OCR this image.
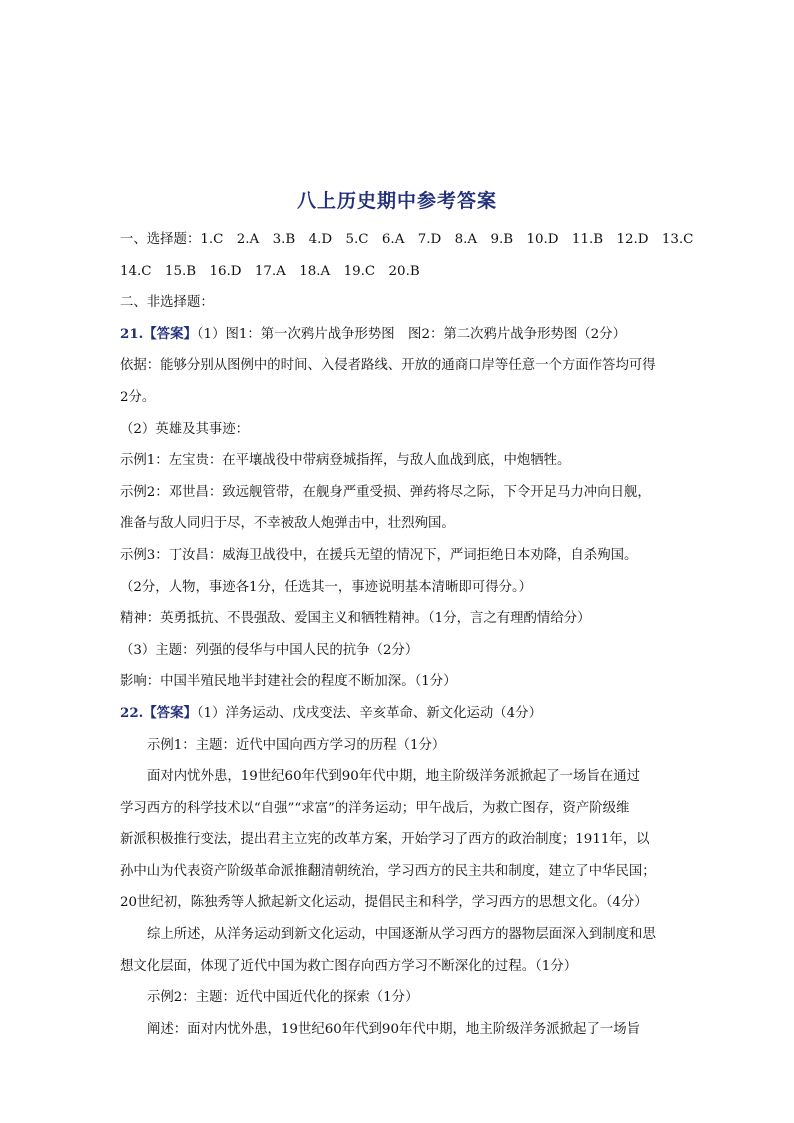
八上历史期中参考答案
一、选择题：1.C　2.A　3.B　4.D　5.C　6.A　7.D　8.A　9.B　10.D　11.B　12.D　13.C
14.C　15.B　16.D　17.A　18.A　19.C　20.B
二、非选择题：
21.【答案】（1）图1：第一次鸦片战争形势图　图2：第二次鸦片战争形势图（2分）
依据：能够分别从图例中的时间、入侵者路线、开放的通商口岸等任意一个方面作答均可得
2分。
（2）英雄及其事迹：
示例1：左宝贵：在平壤战役中带病登城指挥，与敌人血战到底，中炮牺牲。
示例2：邓世昌：致远舰管带，在舰身严重受损、弹药将尽之际，下令开足马力冲向日舰，
准备与敌人同归于尽，不幸被敌人炮弹击中，壮烈殉国。
示例3：丁汝昌：威海卫战役中，在援兵无望的情况下，严词拒绝日本劝降，自杀殉国。
（2分，人物，事迹各1分，任选其一，事迹说明基本清晰即可得分。）
精神：英勇抵抗、不畏强敌、爱国主义和牺牲精神。（1分，言之有理酌情给分）
（3）主题：列强的侵华与中国人民的抗争（2分）
影响：中国半殖民地半封建社会的程度不断加深。（1分）
22.【答案】（1）洋务运动、戊戌变法、辛亥革命、新文化运动（4分）
示例1：主题：近代中国向西方学习的历程（1分）
面对内忧外患，19世纪60年代到90年代中期，地主阶级洋务派掀起了一场旨在通过
学习西方的科学技术以“自强”“求富”的洋务运动；甲午战后，为救亡图存，资产阶级维
新派积极推行变法，提出君主立宪的改革方案，开始学习了西方的政治制度；1911年，以
孙中山为代表资产阶级革命派推翻清朝统治，学习西方的民主共和制度，建立了中华民国；
20世纪初，陈独秀等人掀起新文化运动，提倡民主和科学，学习西方的思想文化。（4分）
综上所述，从洋务运动到新文化运动，中国逐渐从学习西方的器物层面深入到制度和思
想文化层面，体现了近代中国为救亡图存向西方学习不断深化的过程。（1分）
示例2：主题：近代中国近代化的探索（1分）
阐述：面对内忧外患，19世纪60年代到90年代中期，地主阶级洋务派掀起了一场旨
